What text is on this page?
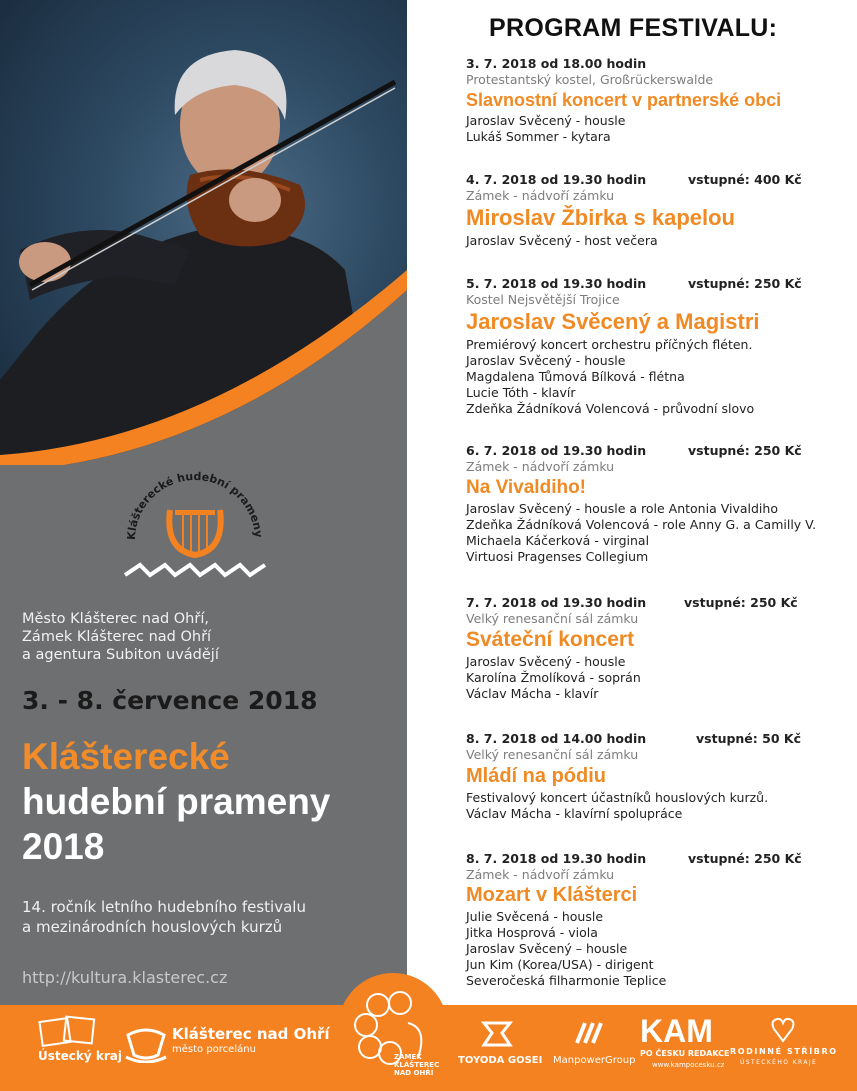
Klášterecké hudební prameny
Město Klášterec nad Ohří,
Zámek Klášterec nad Ohří
a agentura Subiton uvádějí
3. - 8. července 2018
Klášterecké
hudební prameny
2018
14. ročník letního hudebního festivalu
a mezinárodních houslových kurzů
http://kultura.klasterec.cz
PROGRAM FESTIVALU:
3. 7. 2018 od 18.00 hodin
Protestantský kostel, Großrückerswalde
Slavnostní koncert v partnerské obci
Jaroslav Svěcený - housle
Lukáš Sommer - kytara
4. 7. 2018 od 19.30 hodin	vstupné: 400 Kč
Zámek - nádvoří zámku
Miroslav Žbirka s kapelou
Jaroslav Svěcený - host večera
5. 7. 2018 od 19.30 hodin	vstupné: 250 Kč
Kostel Nejsvětější Trojice
Jaroslav Svěcený a Magistri
Premiérový koncert orchestru příčných fléten.
Jaroslav Svěcený - housle
Magdalena Tůmová Bílková - flétna
Lucie Tóth - klavír
Zdeňka Žádníková Volencová - průvodní slovo
6. 7. 2018 od 19.30 hodin	vstupné: 250 Kč
Zámek - nádvoří zámku
Na Vivaldiho!
Jaroslav Svěcený - housle a role Antonia Vivaldiho
Zdeňka Žádníková Volencová - role Anny G. a Camilly V.
Michaela Káčerková - virginal
Virtuosi Pragenses Collegium
7. 7. 2018 od 19.30 hodin	vstupné: 250 Kč
Velký renesanční sál zámku
Sváteční koncert
Jaroslav Svěcený - housle
Karolína Žmolíková - soprán
Václav Mácha - klavír
8. 7. 2018 od 14.00 hodin	vstupné: 50 Kč
Velký renesanční sál zámku
Mládí na pódiu
Festivalový koncert účastníků houslových kurzů.
Václav Mácha - klavírní spolupráce
8. 7. 2018 od 19.30 hodin	vstupné: 250 Kč
Zámek - nádvoří zámku
Mozart v Klášterci
Julie Svěcená - housle
Jitka Hosprová - viola
Jaroslav Svěcený – housle
Jun Kim (Korea/USA) - dirigent
Severočeská filharmonie Teplice
Ústecký kraj
Klášterec nad Ohří
město porcelánu
ZÁMEK KLÁŠTEREC NAD OHŘÍ
TOYODA GOSEI ManpowerGroup
KAM
PO ČESKU REDAKCE
www.kampocesku.cz
RODINNÉ STŘÍBRO
ÚSTECKÉHO KRAJE
